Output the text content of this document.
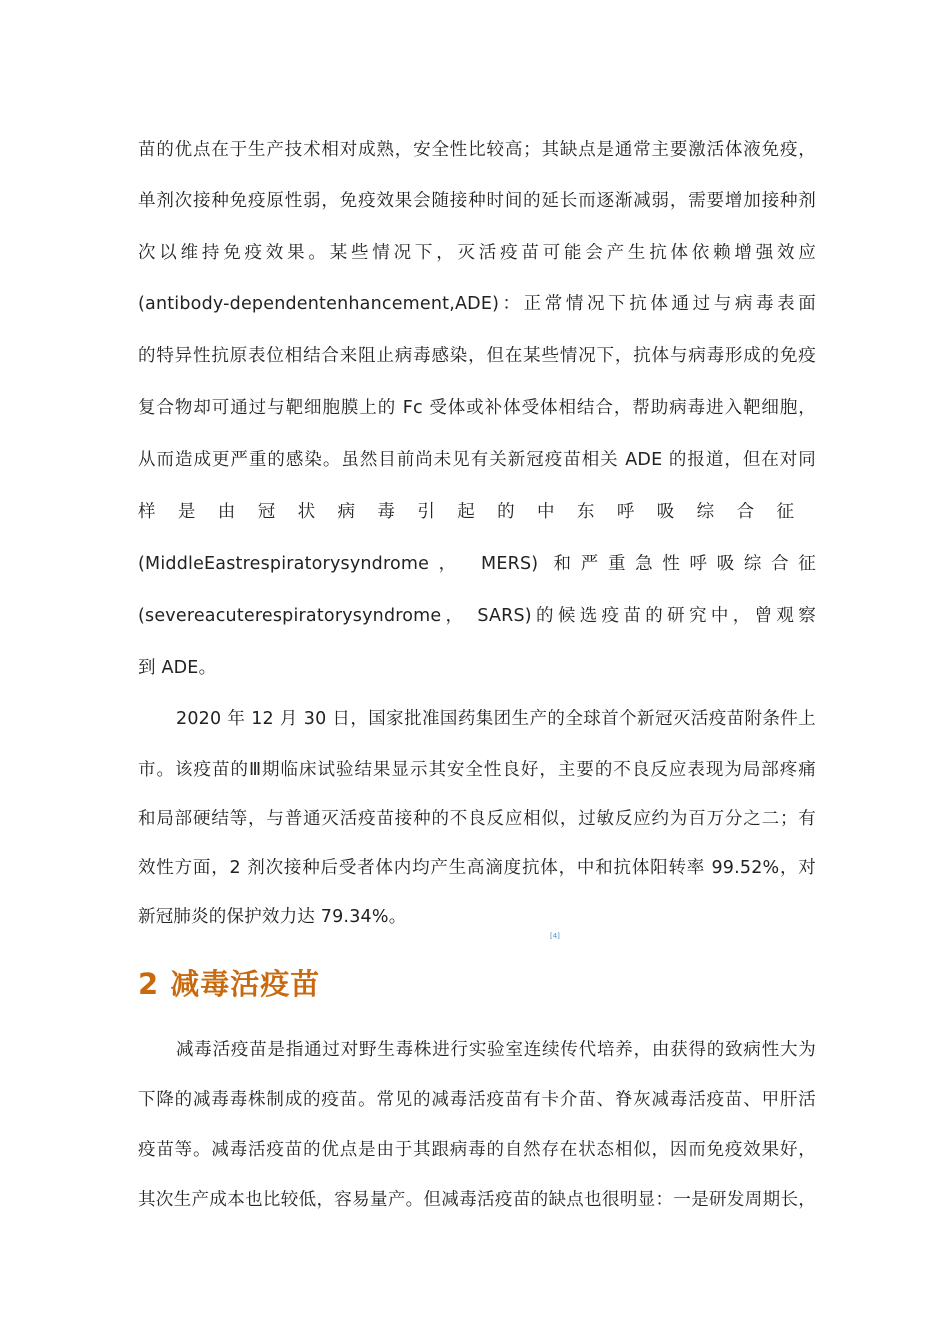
苗的优点在于生产技术相对成熟，安全性比较高；其缺点是通常主要激活体液免疫，
单剂次接种免疫原性弱，免疫效果会随接种时间的延长而逐渐减弱，需要增加接种剂
次以维持免疫效果。某些情况下，灭活疫苗可能会产生抗体依赖增强效应
(antibody-dependentenhancement,ADE)：正常情况下抗体通过与病毒表面
的特异性抗原表位相结合来阻止病毒感染，但在某些情况下，抗体与病毒形成的免疫
复合物却可通过与靶细胞膜上的 Fc 受体或补体受体相结合，帮助病毒进入靶细胞，
从而造成更严重的感染。虽然目前尚未见有关新冠疫苗相关 ADE 的报道，但在对同
样是由冠状病毒引起的中东呼吸综合征
(MiddleEastrespiratorysyndrome， MERS) 和严重急性呼吸综合征
(severeacuterespiratorysyndrome， SARS)的候选疫苗的研究中，曾观察
到 ADE。
2020 年 12 月 30 日，国家批准国药集团生产的全球首个新冠灭活疫苗附条件上
市。该疫苗的Ⅲ期临床试验结果显示其安全性良好，主要的不良反应表现为局部疼痛
和局部硬结等，与普通灭活疫苗接种的不良反应相似，过敏反应约为百万分之二；有
效性方面，2 剂次接种后受者体内均产生高滴度抗体，中和抗体阳转率 99.52%，对
新冠肺炎的保护效力达 79.34%。
[4]
2 减毒活疫苗
减毒活疫苗是指通过对野生毒株进行实验室连续传代培养，由获得的致病性大为
下降的减毒毒株制成的疫苗。常见的减毒活疫苗有卡介苗、脊灰减毒活疫苗、甲肝活
疫苗等。减毒活疫苗的优点是由于其跟病毒的自然存在状态相似，因而免疫效果好，
其次生产成本也比较低，容易量产。但减毒活疫苗的缺点也很明显：一是研发周期长，
